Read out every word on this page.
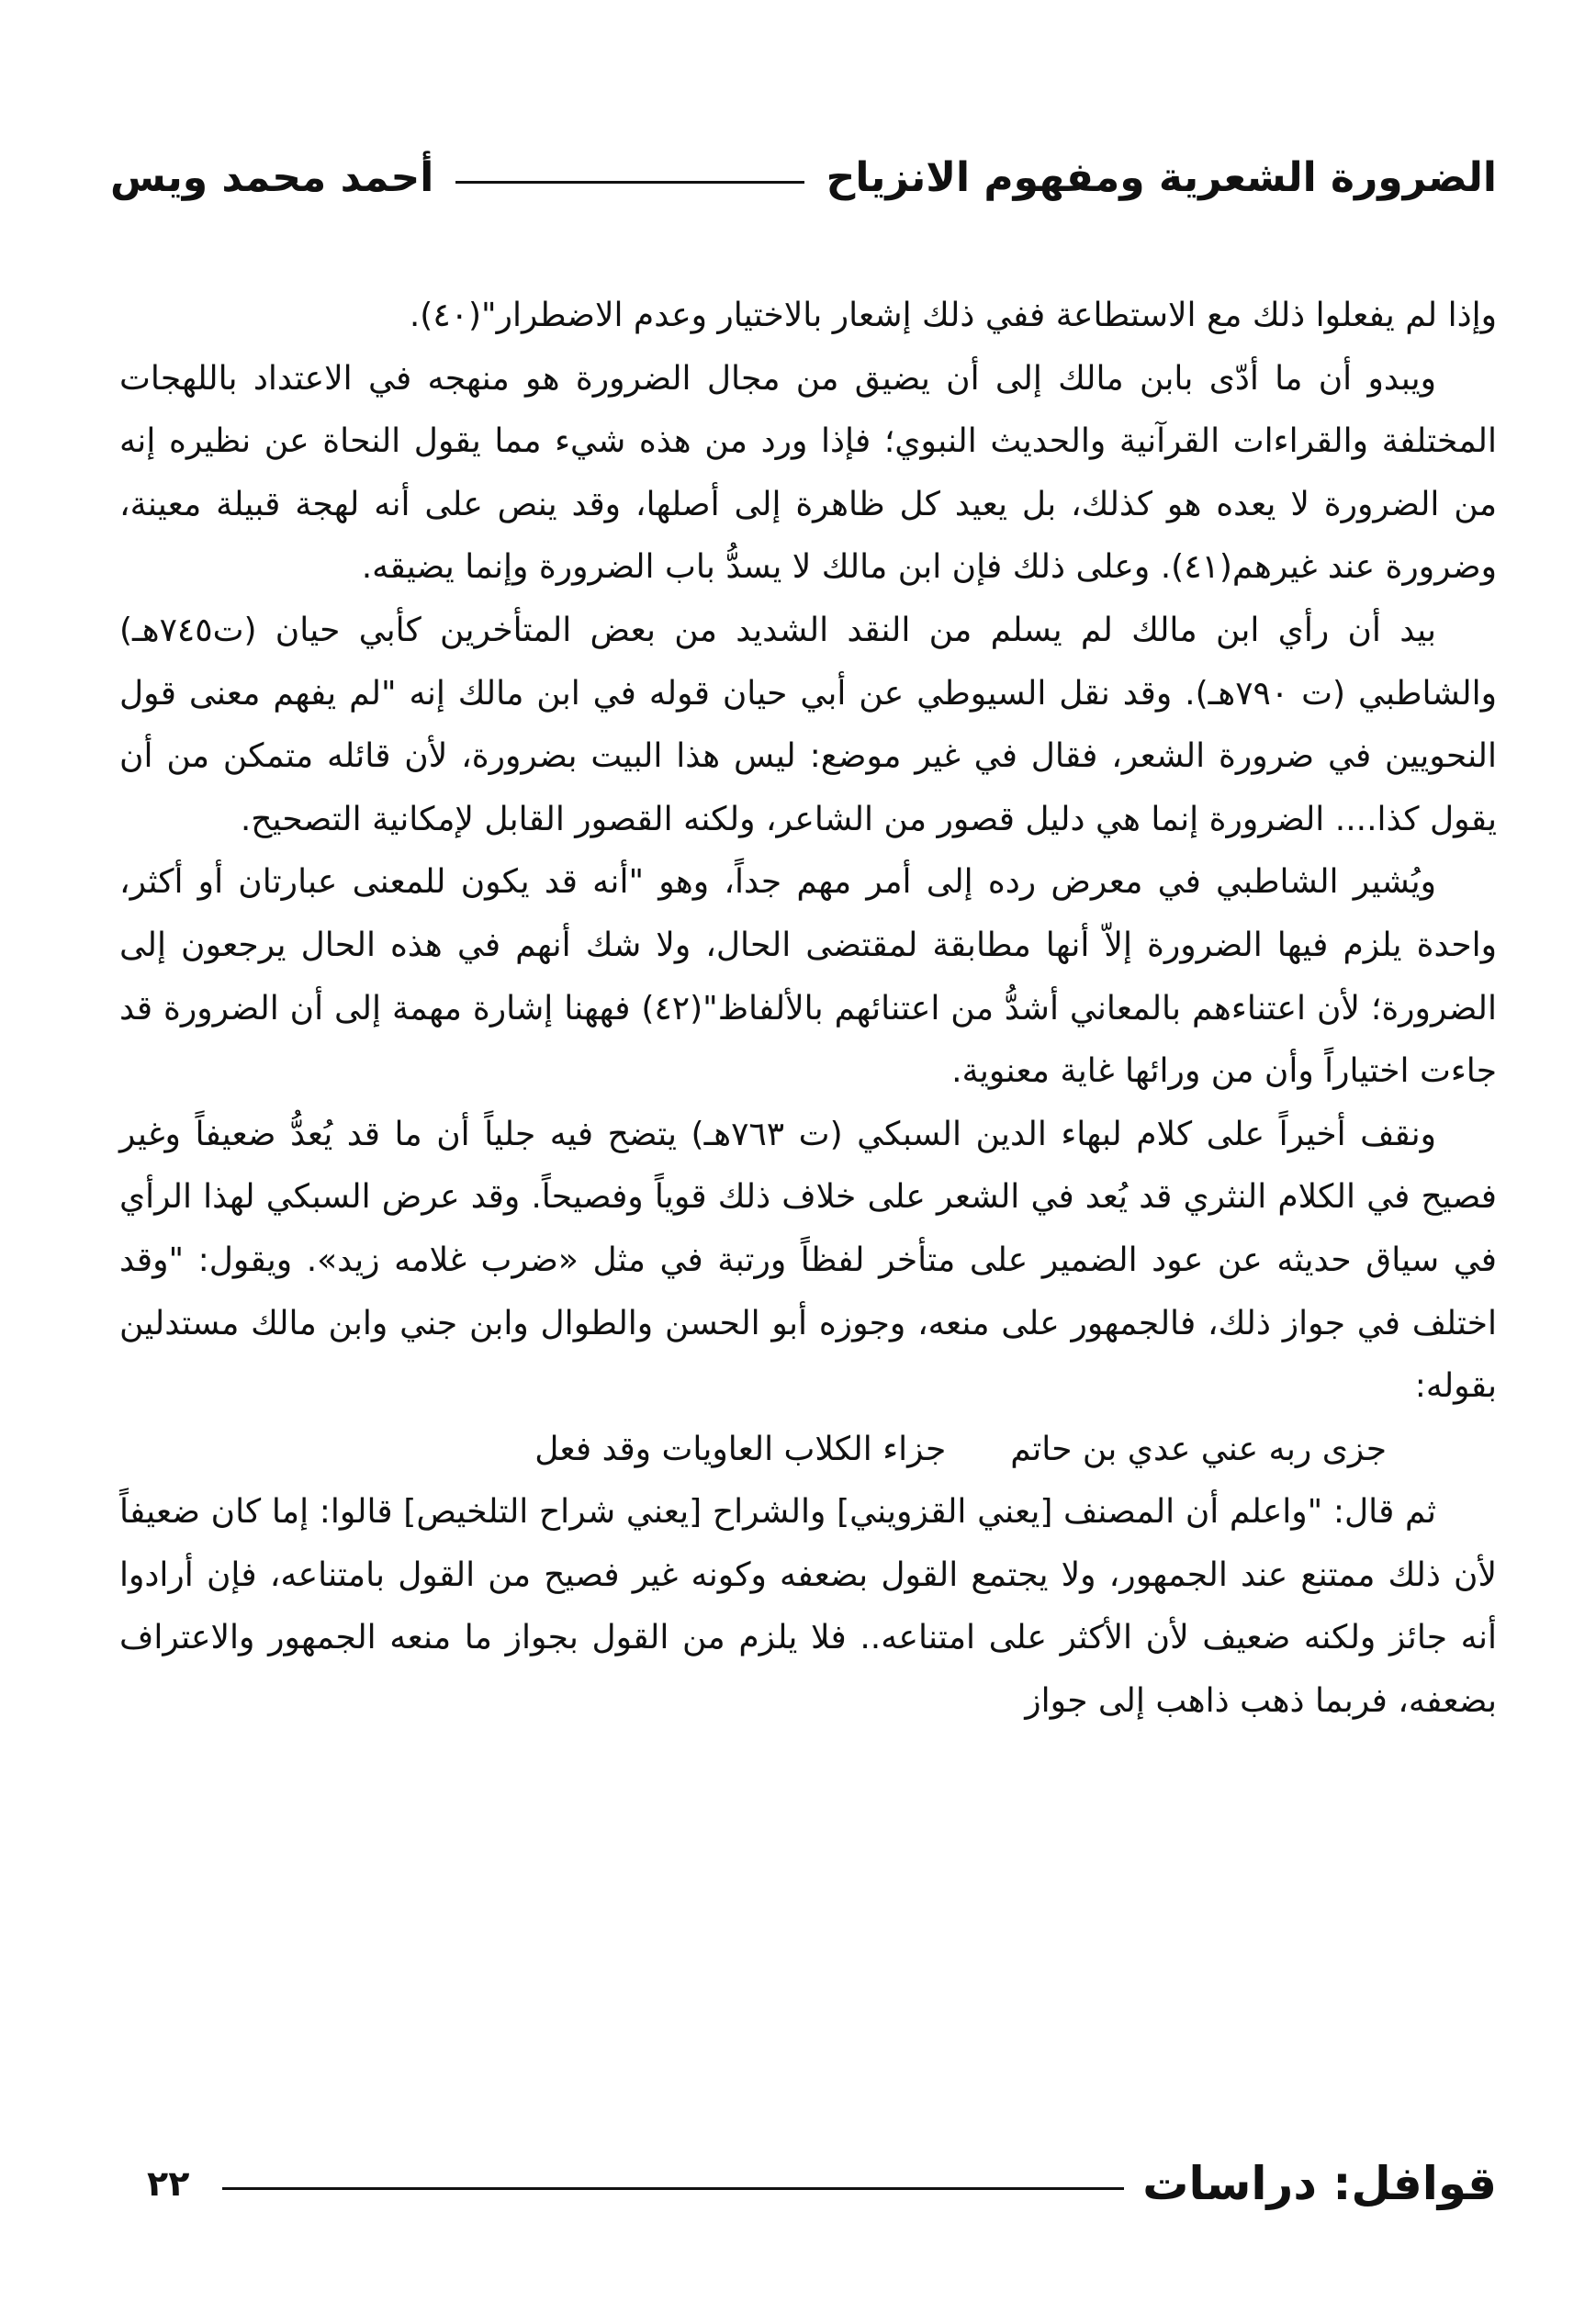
الضرورة الشعرية ومفهوم الانزياح
أحمد محمد ويس

وإذا لم يفعلوا ذلك مع الاستطاعة ففي ذلك إشعار بالاختيار وعدم الاضطرار"(٤٠).

ويبدو أن ما أدّى بابن مالك إلى أن يضيق من مجال الضرورة هو منهجه في الاعتداد باللهجات المختلفة والقراءات القرآنية والحديث النبوي؛ فإذا ورد من هذه شيء مما يقول النحاة عن نظيره إنه من الضرورة لا يعده هو كذلك، بل يعيد كل ظاهرة إلى أصلها، وقد ينص على أنه لهجة قبيلة معينة، وضرورة عند غيرهم(٤١). وعلى ذلك فإن ابن مالك لا يسدُّ باب الضرورة وإنما يضيقه.

بيد أن رأي ابن مالك لم يسلم من النقد الشديد من بعض المتأخرين كأبي حيان (ت٧٤٥هـ) والشاطبي (ت ٧٩٠هـ). وقد نقل السيوطي عن أبي حيان قوله في ابن مالك إنه "لم يفهم معنى قول النحويين في ضرورة الشعر، فقال في غير موضع: ليس هذا البيت بضرورة، لأن قائله متمكن من أن يقول كذا.... الضرورة إنما هي دليل قصور من الشاعر، ولكنه القصور القابل لإمكانية التصحيح.

ويُشير الشاطبي في معرض رده إلى أمر مهم جداً، وهو "أنه قد يكون للمعنى عبارتان أو أكثر، واحدة يلزم فيها الضرورة إلاّ أنها مطابقة لمقتضى الحال، ولا شك أنهم في هذه الحال يرجعون إلى الضرورة؛ لأن اعتناءهم بالمعاني أشدُّ من اعتنائهم بالألفاظ"(٤٢) فههنا إشارة مهمة إلى أن الضرورة قد جاءت اختياراً وأن من ورائها غاية معنوية.

ونقف أخيراً على كلام لبهاء الدين السبكي (ت ٧٦٣هـ) يتضح فيه جلياً أن ما قد يُعدُّ ضعيفاً وغير فصيح في الكلام النثري قد يُعد في الشعر على خلاف ذلك قوياً وفصيحاً. وقد عرض السبكي لهذا الرأي في سياق حديثه عن عود الضمير على متأخر لفظاً ورتبة في مثل «ضرب غلامه زيد». ويقول: "وقد اختلف في جواز ذلك، فالجمهور على منعه، وجوزه أبو الحسن والطوال وابن جني وابن مالك مستدلين بقوله:

جزى ربه عني عدي بن حاتم
جزاء الكلاب العاويات وقد فعل

ثم قال: "واعلم أن المصنف [يعني القزويني] والشراح [يعني شراح التلخيص] قالوا: إما كان ضعيفاً لأن ذلك ممتنع عند الجمهور، ولا يجتمع القول بضعفه وكونه غير فصيح من القول بامتناعه، فإن أرادوا أنه جائز ولكنه ضعيف لأن الأكثر على امتناعه.. فلا يلزم من القول بجواز ما منعه الجمهور والاعتراف بضعفه، فربما ذهب ذاهب إلى جواز

قوافل: دراسات
٢٢
